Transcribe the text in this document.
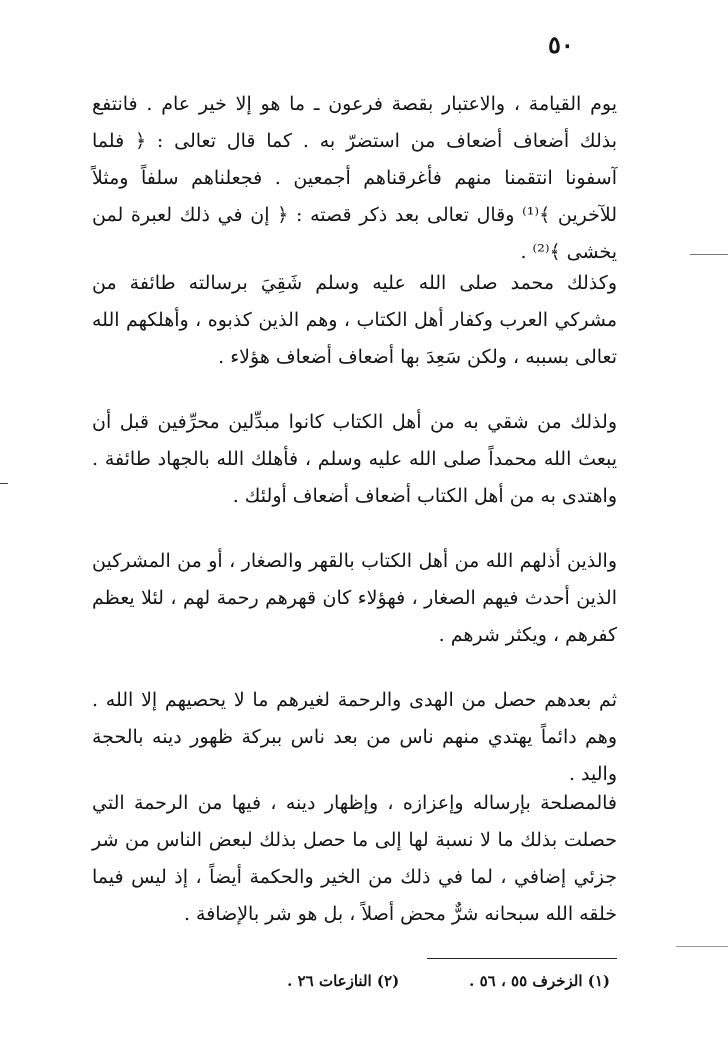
٥٠

يوم القيامة ، والاعتبار بقصة فرعون ـ ما هو إلا خير عام . فانتفع بذلك أضعاف أضعاف من استضرّ به . كما قال تعالى : ﴿ فلما آسفونا انتقمنا منهم فأغرقناهم أجمعين . فجعلناهم سلفاً ومثلاً للآخرين ﴾⁽¹⁾ وقال تعالى بعد ذكر قصته : ﴿ إن في ذلك لعبرة لمن يخشى ﴾⁽²⁾ .

وكذلك محمد صلى الله عليه وسلم شَقِيَ برسالته طائفة من مشركي العرب وكفار أهل الكتاب ، وهم الذين كذبوه ، وأهلكهم الله تعالى بسببه ، ولكن سَعِدَ بها أضعاف أضعاف هؤلاء .

ولذلك من شقي به من أهل الكتاب كانوا مبدِّلين محرِّفين قبل أن يبعث الله محمداً صلى الله عليه وسلم ، فأهلك الله بالجهاد طائفة . واهتدى به من أهل الكتاب أضعاف أضعاف أولئك .

والذين أذلهم الله من أهل الكتاب بالقهر والصغار ، أو من المشركين الذين أحدث فيهم الصغار ، فهؤلاء كان قهرهم رحمة لهم ، لئلا يعظم كفرهم ، ويكثر شرهم .

ثم بعدهم حصل من الهدى والرحمة لغيرهم ما لا يحصيهم إلا الله . وهم دائماً يهتدي منهم ناس من بعد ناس ببركة ظهور دينه بالحجة واليد .

فالمصلحة بإرساله وإعزازه ، وإظهار دينه ، فيها من الرحمة التي حصلت بذلك ما لا نسبة لها إلى ما حصل بذلك لبعض الناس من شر جزئي إضافي ، لما في ذلك من الخير والحكمة أيضاً ، إذ ليس فيما خلقه الله سبحانه شرٌّ محض أصلاً ، بل هو شر بالإضافة .

(١) الزخرف ٥٥ ، ٥٦ .
(٢) النازعات ٢٦ .
